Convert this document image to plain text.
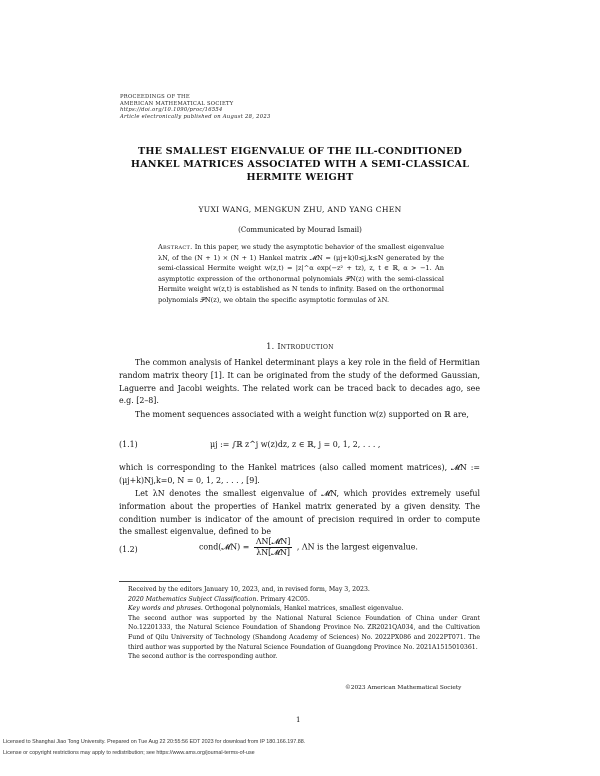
PROCEEDINGS OF THE
AMERICAN MATHEMATICAL SOCIETY
https://doi.org/10.1090/proc/16554
Article electronically published on August 28, 2023
THE SMALLEST EIGENVALUE OF THE ILL-CONDITIONED
HANKEL MATRICES ASSOCIATED WITH A SEMI-CLASSICAL
HERMITE WEIGHT
YUXI WANG, MENGKUN ZHU, AND YANG CHEN
(Communicated by Mourad Ismail)
Abstract. In this paper, we study the asymptotic behavior of the smallest eigenvalue λN, of the (N + 1) × (N + 1) Hankel matrix 𝓜N = (μj+k)0≤j,k≤N generated by the semi-classical Hermite weight w(z,t) = |z|^α exp(−z² + tz), z, t ∈ ℝ, α > −1. An asymptotic expression of the orthonormal polynomials 𝒫N(z) with the semi-classical Hermite weight w(z,t) is established as N tends to infinity. Based on the orthonormal polynomials 𝒫N(z), we obtain the specific asymptotic formulas of λN.
1. Introduction
The common analysis of Hankel determinant plays a key role in the field of Hermitian random matrix theory [1]. It can be originated from the study of the deformed Gaussian, Laguerre and Jacobi weights. The related work can be traced back to decades ago, see e.g. [2–8].
The moment sequences associated with a weight function w(z) supported on ℝ are,
(1.1)	μj := ∫ℝ z^j w(z)dz, z ∈ ℝ, j = 0, 1, 2, . . . ,
which is corresponding to the Hankel matrices (also called moment matrices), 𝓜N := (μj+k)Nj,k=0, N = 0, 1, 2, . . . , [9].
Let λN denotes the smallest eigenvalue of 𝓜N, which provides extremely useful information about the properties of Hankel matrix generated by a given density. The condition number is indicator of the amount of precision required in order to compute the smallest eigenvalue, defined to be
(1.2)	cond(𝓜N) = $\frac{\text{ΛN[𝓜N]}}{\text{λN[𝓜N]}}$ , ΛN is the largest eigenvalue.
Received by the editors January 10, 2023, and, in revised form, May 3, 2023.
2020 Mathematics Subject Classification. Primary 42C05.
Key words and phrases. Orthogonal polynomials, Hankel matrices, smallest eigenvalue.
The second author was supported by the National Natural Science Foundation of China under Grant No.12201333, the Natural Science Foundation of Shandong Province No. ZR2021QA034, and the Cultivation Fund of Qilu University of Technology (Shandong Academy of Sciences) No. 2022PX086 and 2022PT071. The third author was supported by the Natural Science Foundation of Guangdong Province No. 2021A1515010361.
The second author is the corresponding author.
©2023 American Mathematical Society
1
Licensed to Shanghai Jiao Tong University. Prepared on Tue Aug 22 20:55:56 EDT 2023 for download from IP 180.166.197.88.
License or copyright restrictions may apply to redistribution; see https://www.ams.org/journal-terms-of-use
